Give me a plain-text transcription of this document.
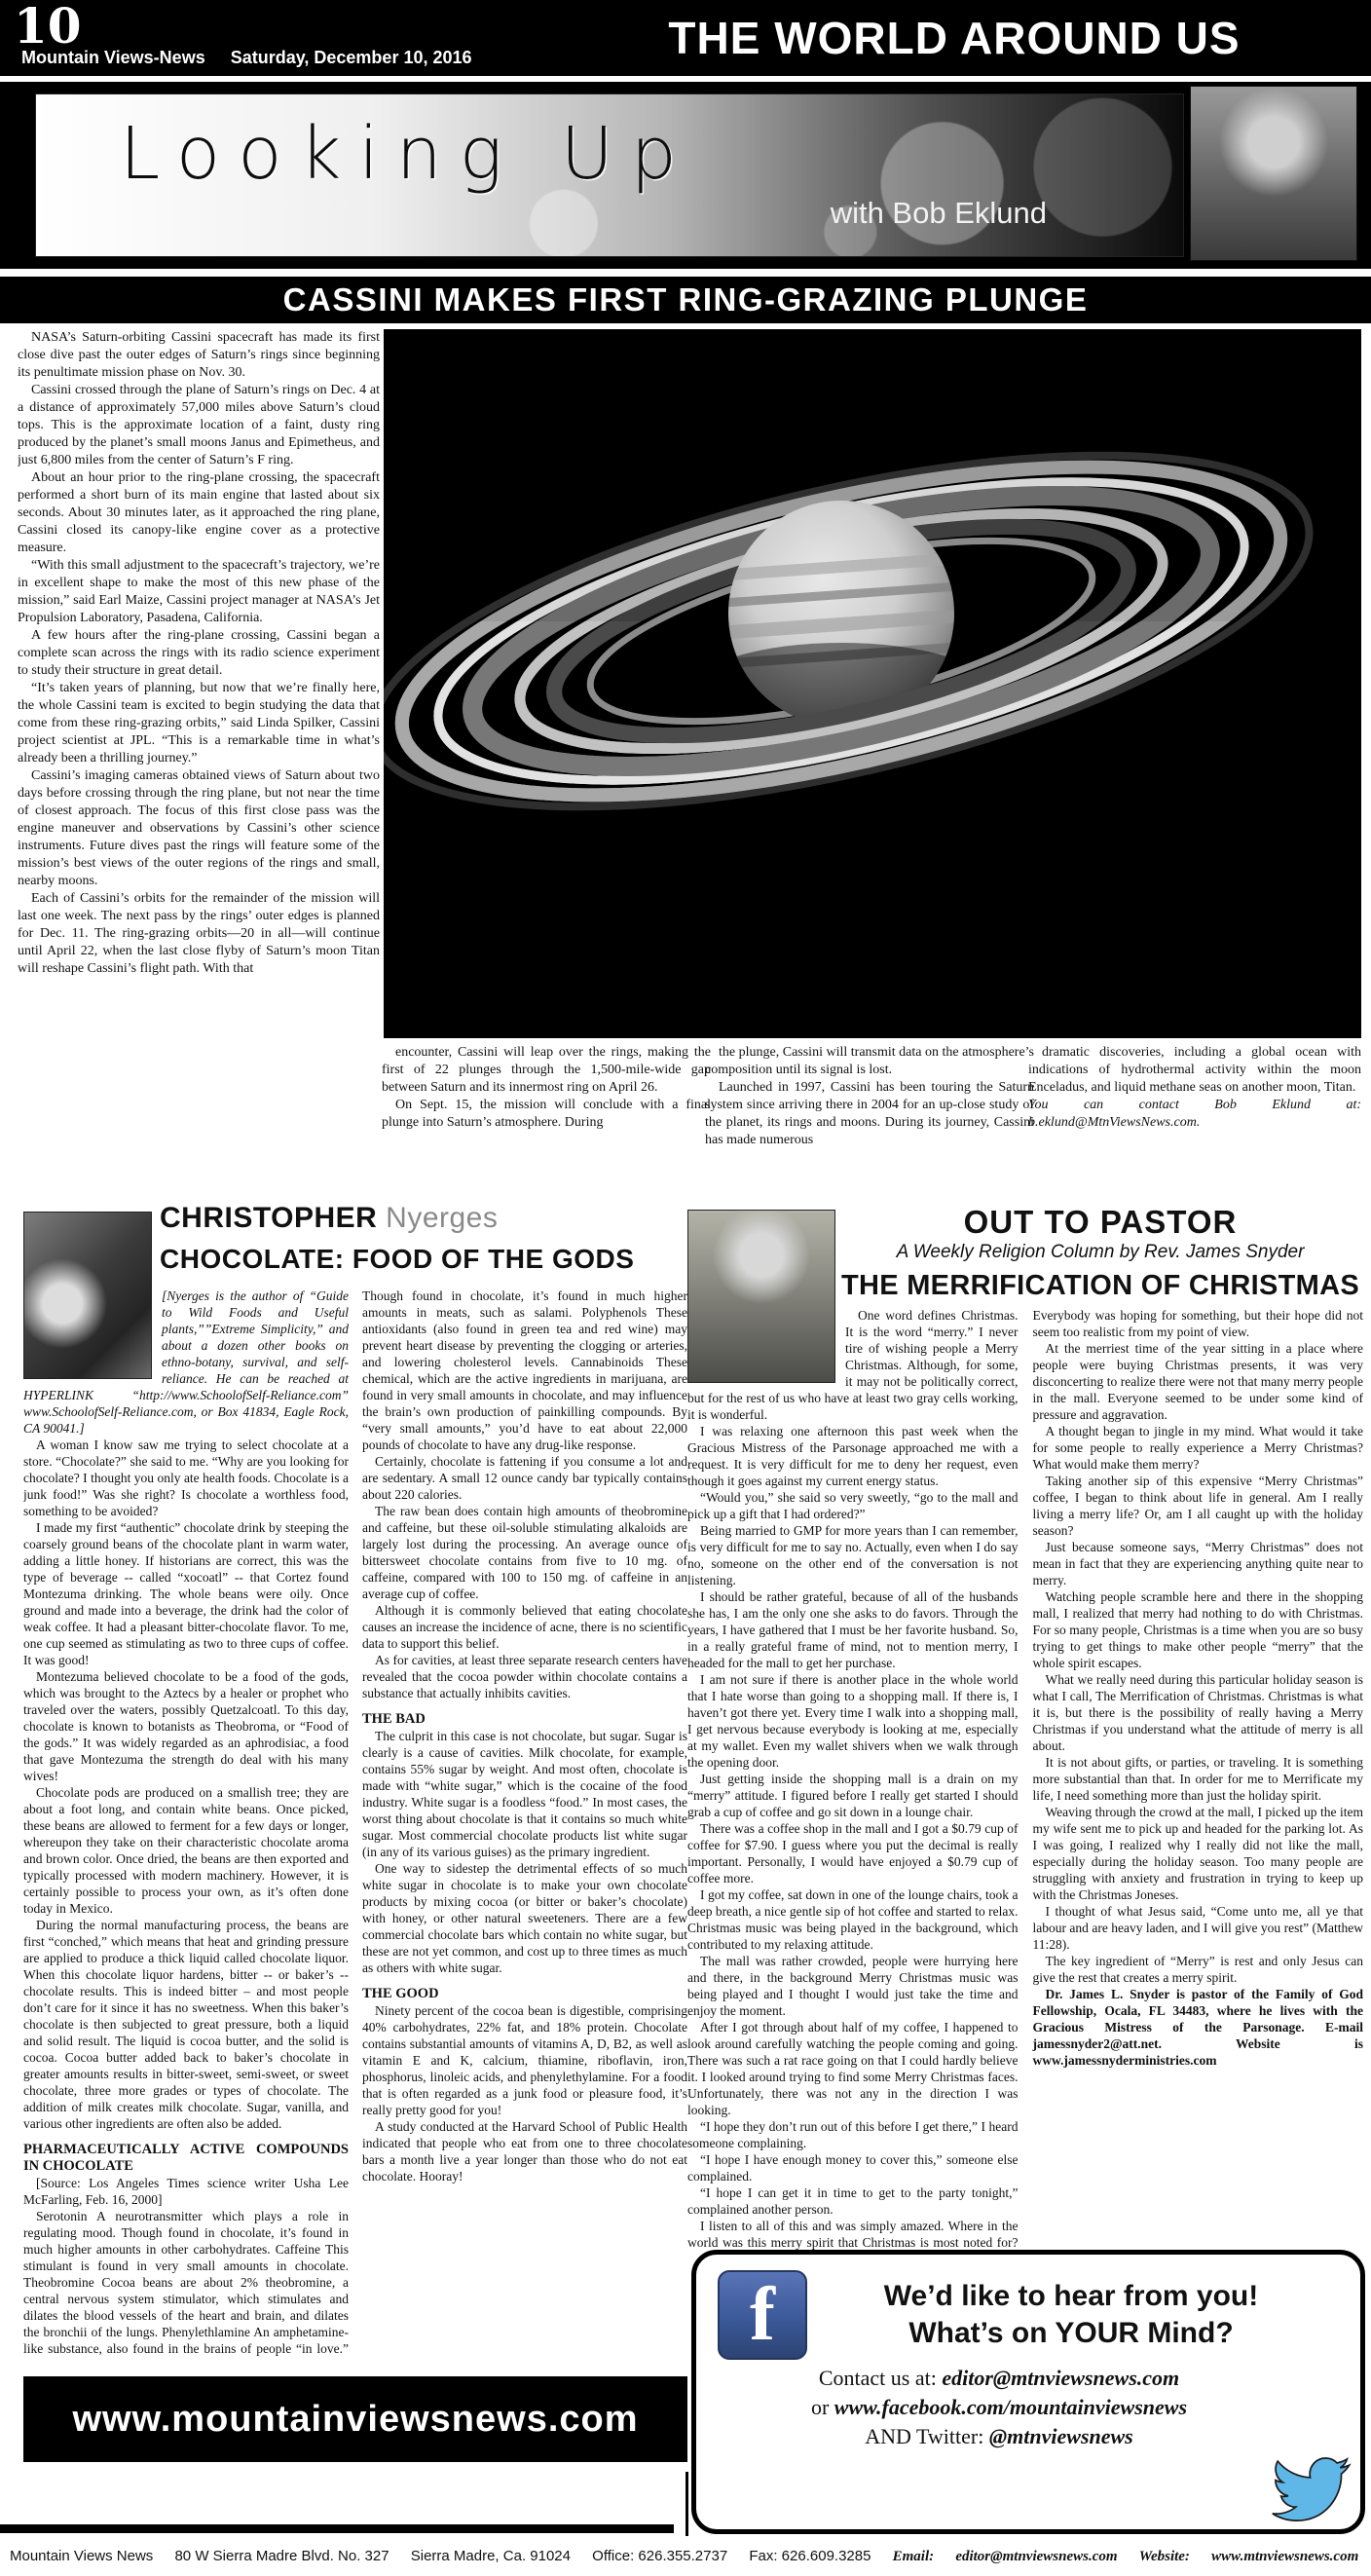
10
Mountain Views-News Saturday, December 10, 2016	THE WORLD AROUND US
Looking Up
with Bob Eklund
CASSINI MAKES FIRST RING-GRAZING PLUNGE

NASA’s Saturn-orbiting Cassini spacecraft has made its first close dive past the outer edges of Saturn’s rings since beginning its penultimate mission phase on Nov. 30.

Cassini crossed through the plane of Saturn’s rings on Dec. 4 at a distance of approximately 57,000 miles above Saturn’s cloud tops. This is the approximate location of a faint, dusty ring produced by the planet’s small moons Janus and Epimetheus, and just 6,800 miles from the center of Saturn’s F ring.

About an hour prior to the ring-plane crossing, the spacecraft performed a short burn of its main engine that lasted about six seconds. About 30 minutes later, as it approached the ring plane, Cassini closed its canopy-like engine cover as a protective measure.

“With this small adjustment to the spacecraft’s trajectory, we’re in excellent shape to make the most of this new phase of the mission,” said Earl Maize, Cassini project manager at NASA’s Jet Propulsion Laboratory, Pasadena, California.

A few hours after the ring-plane crossing, Cassini began a complete scan across the rings with its radio science experiment to study their structure in great detail.

“It’s taken years of planning, but now that we’re finally here, the whole Cassini team is excited to begin studying the data that come from these ring-grazing orbits,” said Linda Spilker, Cassini project scientist at JPL. “This is a remarkable time in what’s already been a thrilling journey.”

Cassini’s imaging cameras obtained views of Saturn about two days before crossing through the ring plane, but not near the time of closest approach. The focus of this first close pass was the engine maneuver and observations by Cassini’s other science instruments. Future dives past the rings will feature some of the mission’s best views of the outer regions of the rings and small, nearby moons.

Each of Cassini’s orbits for the remainder of the mission will last one week. The next pass by the rings’ outer edges is planned for Dec. 11. The ring-grazing orbits—20 in all—will continue until April 22, when the last close flyby of Saturn’s moon Titan will reshape Cassini’s flight path. With that

encounter, Cassini will leap over the rings, making the first of 22 plunges through the 1,500-mile-wide gap between Saturn and its innermost ring on April 26.

On Sept. 15, the mission will conclude with a final plunge into Saturn’s atmosphere. During

the plunge, Cassini will transmit data on the atmosphere’s composition until its signal is lost.

Launched in 1997, Cassini has been touring the Saturn system since arriving there in 2004 for an up-close study of the planet, its rings and moons. During its journey, Cassini has made numerous

dramatic discoveries, including a global ocean with indications of hydrothermal activity within the moon Enceladus, and liquid methane seas on another moon, Titan.

You can contact Bob Eklund at: b.eklund@MtnViewsNews.com.

CHRISTOPHER Nyerges
CHOCOLATE: FOOD OF THE GODS

[Nyerges is the author of “Guide to Wild Foods and Useful plants,””Extreme Simplicity,” and about a dozen other books on ethno-botany, survival, and self-reliance. He can be reached at HYPERLINK “http://www.SchoolofSelf-Reliance.com” www.SchoolofSelf-Reliance.com, or Box 41834, Eagle Rock, CA 90041.]

A woman I know saw me trying to select chocolate at a store. “Chocolate?” she said to me. “Why are you looking for chocolate? I thought you only ate health foods. Chocolate is a junk food!” Was she right? Is chocolate a worthless food, something to be avoided?

I made my first “authentic” chocolate drink by steeping the coarsely ground beans of the chocolate plant in warm water, adding a little honey. If historians are correct, this was the type of beverage -- called “xocoatl” -- that Cortez found Montezuma drinking. The whole beans were oily. Once ground and made into a beverage, the drink had the color of weak coffee. It had a pleasant bitter-chocolate flavor. To me, one cup seemed as stimulating as two to three cups of coffee. It was good!

Montezuma believed chocolate to be a food of the gods, which was brought to the Aztecs by a healer or prophet who traveled over the waters, possibly Quetzalcoatl. To this day, chocolate is known to botanists as Theobroma, or “Food of the gods.” It was widely regarded as an aphrodisiac, a food that gave Montezuma the strength do deal with his many wives!

Chocolate pods are produced on a smallish tree; they are about a foot long, and contain white beans. Once picked, these beans are allowed to ferment for a few days or longer, whereupon they take on their characteristic chocolate aroma and brown color. Once dried, the beans are then exported and typically processed with modern machinery. However, it is certainly possible to process your own, as it’s often done today in Mexico.

During the normal manufacturing process, the beans are first “conched,” which means that heat and grinding pressure are applied to produce a thick liquid called chocolate liquor. When this chocolate liquor hardens, bitter -- or baker’s -- chocolate results. This is indeed bitter – and most people don’t care for it since it has no sweetness. When this baker’s chocolate is then subjected to great pressure, both a liquid and solid result. The liquid is cocoa butter, and the solid is cocoa. Cocoa butter added back to baker’s chocolate in greater amounts results in bitter-sweet, semi-sweet, or sweet chocolate, three more grades or types of chocolate. The addition of milk creates milk chocolate. Sugar, vanilla, and various other ingredients are often also be added.

PHARMACEUTICALLY ACTIVE COMPOUNDS IN CHOCOLATE

[Source: Los Angeles Times science writer Usha Lee McFarling, Feb. 16, 2000]

Serotonin A neurotransmitter which plays a role in regulating mood. Though found in chocolate, it’s found in much higher amounts in other carbohydrates. Caffeine This stimulant is found in very small amounts in chocolate. Theobromine Cocoa beans are about 2% theobromine, a central nervous system stimulator, which stimulates and dilates the blood vessels of the heart and brain, and dilates the bronchii of the lungs. Phenylethlamine An amphetamine-like substance, also found in the brains of people “in love.” Though found in chocolate, it’s found in much higher amounts in meats, such as salami. Polyphenols These antioxidants (also found in green tea and red wine) may prevent heart disease by preventing the clogging or arteries, and lowering cholesterol levels. Cannabinoids These chemical, which are the active ingredients in marijuana, are found in very small amounts in chocolate, and may influence the brain’s own production of painkilling compounds. By “very small amounts,” you’d have to eat about 22,000 pounds of chocolate to have any drug-like response.

Certainly, chocolate is fattening if you consume a lot and are sedentary. A small 12 ounce candy bar typically contains about 220 calories.

The raw bean does contain high amounts of theobromine and caffeine, but these oil-soluble stimulating alkaloids are largely lost during the processing. An average ounce of bittersweet chocolate contains from five to 10 mg. of caffeine, compared with 100 to 150 mg. of caffeine in an average cup of coffee.

Although it is commonly believed that eating chocolate causes an increase the incidence of acne, there is no scientific data to support this belief.

As for cavities, at least three separate research centers have revealed that the cocoa powder within chocolate contains a substance that actually inhibits cavities.

THE BAD

The culprit in this case is not chocolate, but sugar. Sugar is clearly is a cause of cavities. Milk chocolate, for example, contains 55% sugar by weight. And most often, chocolate is made with “white sugar,” which is the cocaine of the food industry. White sugar is a foodless “food.” In most cases, the worst thing about chocolate is that it contains so much white sugar. Most commercial chocolate products list white sugar (in any of its various guises) as the primary ingredient.

One way to sidestep the detrimental effects of so much white sugar in chocolate is to make your own chocolate products by mixing cocoa (or bitter or baker’s chocolate) with honey, or other natural sweeteners. There are a few commercial chocolate bars which contain no white sugar, but these are not yet common, and cost up to three times as much as others with white sugar.

THE GOOD

Ninety percent of the cocoa bean is digestible, comprising 40% carbohydrates, 22% fat, and 18% protein. Chocolate contains substantial amounts of vitamins A, D, B2, as well as vitamin E and K, calcium, thiamine, riboflavin, iron, phosphorus, linoleic acids, and phenylethylamine. For a food that is often regarded as a junk food or pleasure food, it’s really pretty good for you!

A study conducted at the Harvard School of Public Health indicated that people who eat from one to three chocolate bars a month live a year longer than those who do not eat chocolate. Hooray!

OUT TO PASTOR
A Weekly Religion Column by Rev. James Snyder
THE MERRIFICATION OF CHRISTMAS

One word defines Christmas. It is the word “merry.” I never tire of wishing people a Merry Christmas. Although, for some, it may not be politically correct, but for the rest of us who have at least two gray cells working, it is wonderful.

I was relaxing one afternoon this past week when the Gracious Mistress of the Parsonage approached me with a request. It is very difficult for me to deny her request, even though it goes against my current energy status.

“Would you,” she said so very sweetly, “go to the mall and pick up a gift that I had ordered?”

Being married to GMP for more years than I can remember, is very difficult for me to say no. Actually, even when I do say no, someone on the other end of the conversation is not listening.

I should be rather grateful, because of all of the husbands she has, I am the only one she asks to do favors. Through the years, I have gathered that I must be her favorite husband. So, in a really grateful frame of mind, not to mention merry, I headed for the mall to get her purchase.

I am not sure if there is another place in the whole world that I hate worse than going to a shopping mall. If there is, I haven’t got there yet. Every time I walk into a shopping mall, I get nervous because everybody is looking at me, especially at my wallet. Even my wallet shivers when we walk through the opening door.

Just getting inside the shopping mall is a drain on my “merry” attitude. I figured before I really get started I should grab a cup of coffee and go sit down in a lounge chair.

There was a coffee shop in the mall and I got a $0.79 cup of coffee for $7.90. I guess where you put the decimal is really important. Personally, I would have enjoyed a $0.79 cup of coffee more.

I got my coffee, sat down in one of the lounge chairs, took a deep breath, a nice gentle sip of hot coffee and started to relax. Christmas music was being played in the background, which contributed to my relaxing attitude.

The mall was rather crowded, people were hurrying here and there, in the background Merry Christmas music was being played and I thought I would just take the time and enjoy the moment.

After I got through about half of my coffee, I happened to look around carefully watching the people coming and going. There was such a rat race going on that I could hardly believe it. I looked around trying to find some Merry Christmas faces. Unfortunately, there was not any in the direction I was looking.

“I hope they don’t run out of this before I get there,” I heard someone complaining.

“I hope I have enough money to cover this,” someone else complained.

“I hope I can get it in time to get to the party tonight,” complained another person.

I listen to all of this and was simply amazed. Where in the world was this merry spirit that Christmas is most noted for? Everybody was hoping for something, but their hope did not seem too realistic from my point of view.

At the merriest time of the year sitting in a place where people were buying Christmas presents, it was very disconcerting to realize there were not that many merry people in the mall. Everyone seemed to be under some kind of pressure and aggravation.

A thought began to jingle in my mind. What would it take for some people to really experience a Merry Christmas? What would make them merry?

Taking another sip of this expensive “Merry Christmas” coffee, I began to think about life in general. Am I really living a merry life? Or, am I all caught up with the holiday season?

Just because someone says, “Merry Christmas” does not mean in fact that they are experiencing anything quite near to merry.

Watching people scramble here and there in the shopping mall, I realized that merry had nothing to do with Christmas. For so many people, Christmas is a time when you are so busy trying to get things to make other people “merry” that the whole spirit escapes.

What we really need during this particular holiday season is what I call, The Merrification of Christmas. Christmas is what it is, but there is the possibility of really having a Merry Christmas if you understand what the attitude of merry is all about.

It is not about gifts, or parties, or traveling. It is something more substantial than that. In order for me to Merrificate my life, I need something more than just the holiday spirit.

Weaving through the crowd at the mall, I picked up the item my wife sent me to pick up and headed for the parking lot. As I was going, I realized why I really did not like the mall, especially during the holiday season. Too many people are struggling with anxiety and frustration in trying to keep up with the Christmas Joneses.

I thought of what Jesus said, “Come unto me, all ye that labour and are heavy laden, and I will give you rest” (Matthew 11:28).

The key ingredient of “Merry” is rest and only Jesus can give the rest that creates a merry spirit.

Dr. James L. Snyder is pastor of the Family of God Fellowship, Ocala, FL 34483, where he lives with the Gracious Mistress of the Parsonage. E-mail jamessnyder2@att.net. Website is www.jamessnyderministries.com

www.mountainviewsnews.com
f	We’d like to hear from you!
What’s on YOUR Mind?
Contact us at: editor@mtnviewsnews.com
or www.facebook.com/mountainviewsnews
AND Twitter: @mtnviewsnews
Mountain Views News 80 W Sierra Madre Blvd. No. 327 Sierra Madre, Ca. 91024 Office: 626.355.2737 Fax: 626.609.3285 Email: editor@mtnviewsnews.com Website: www.mtnviewsnews.com
